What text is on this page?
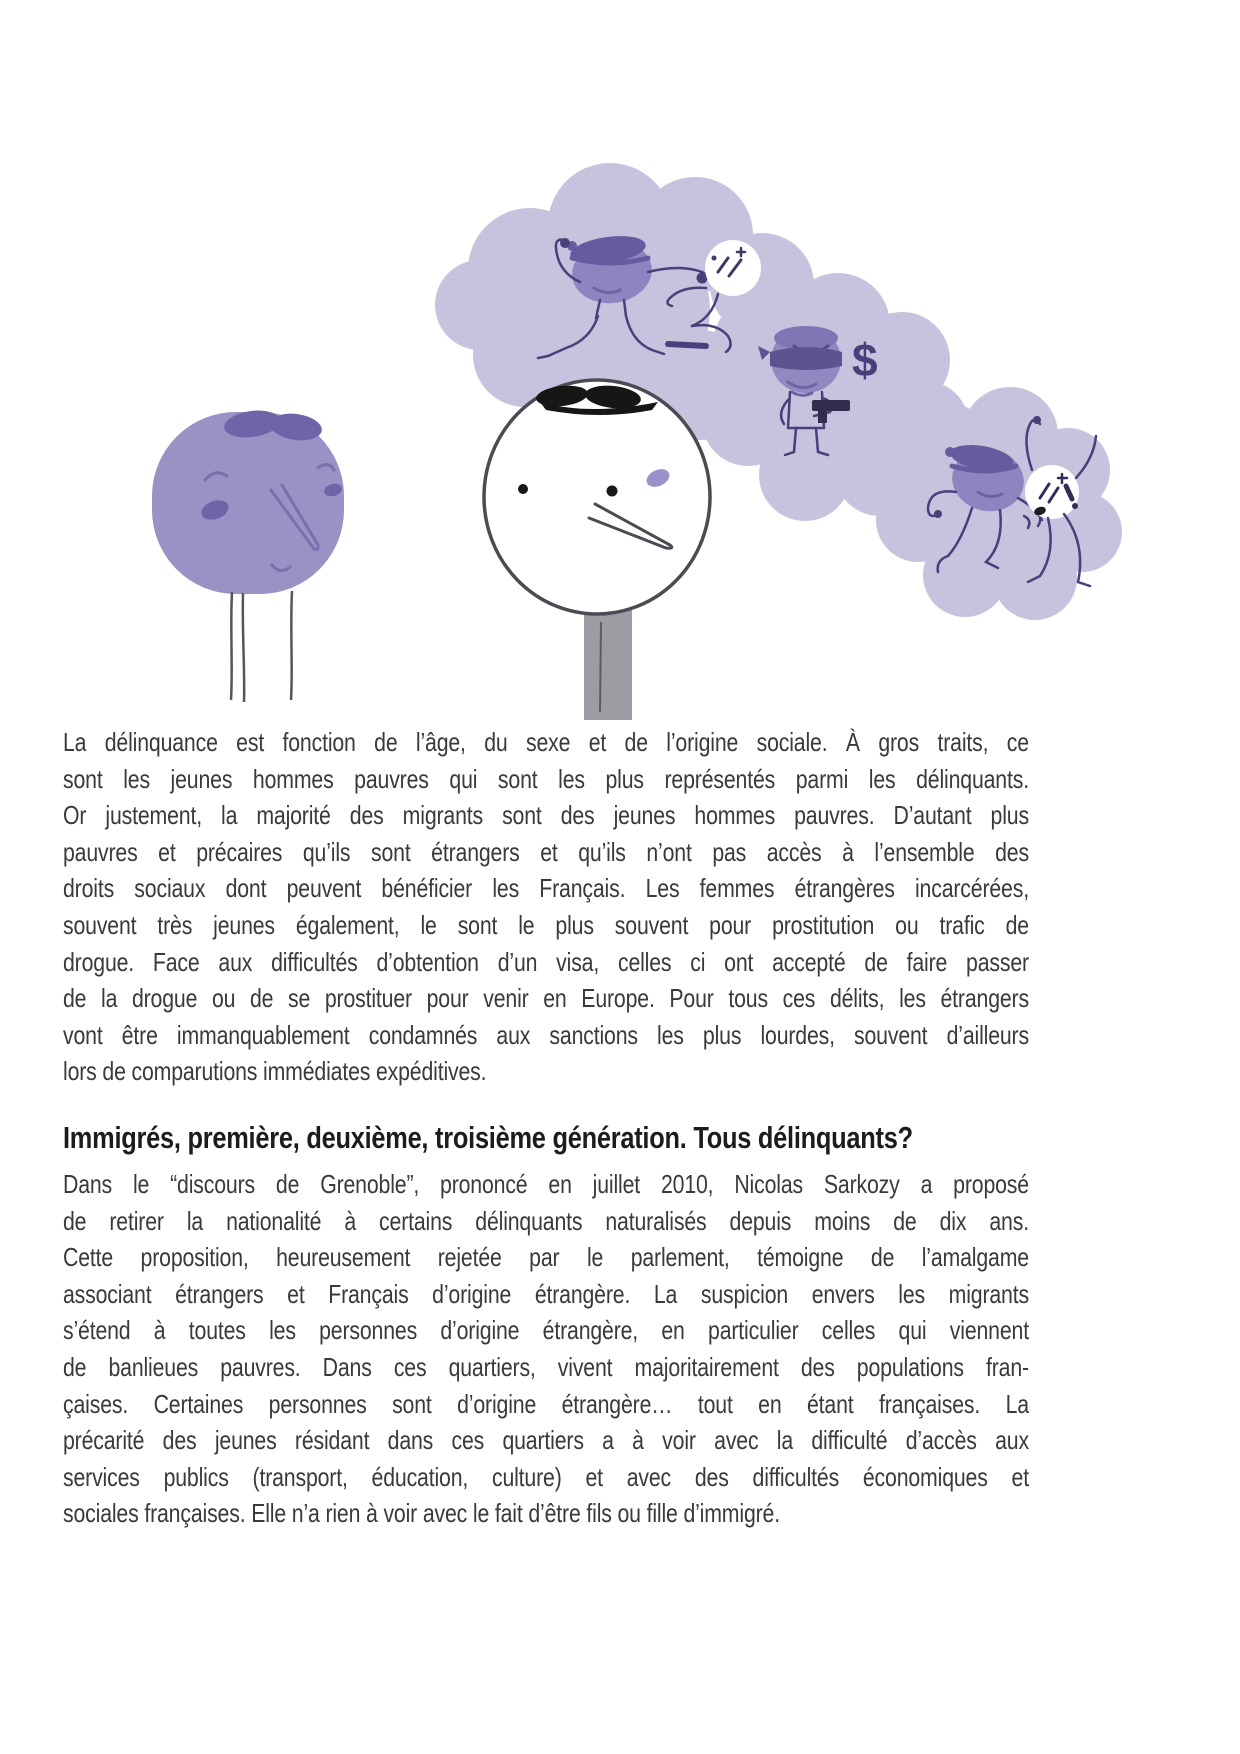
$
La délinquance est fonction de l’âge, du sexe et de l’origine sociale. À gros traits, ce
sont les jeunes hommes pauvres qui sont les plus représentés parmi les délinquants.
Or justement, la majorité des migrants sont des jeunes hommes pauvres. D’autant plus
pauvres et précaires qu’ils sont étrangers et qu’ils n’ont pas accès à l’ensemble des
droits sociaux dont peuvent bénéficier les Français. Les femmes étrangères incarcérées,
souvent très jeunes également, le sont le plus souvent pour prostitution ou trafic de
drogue. Face aux difficultés d’obtention d’un visa, celles ci ont accepté de faire passer
de la drogue ou de se prostituer pour venir en Europe. Pour tous ces délits, les étrangers
vont être immanquablement condamnés aux sanctions les plus lourdes, souvent d’ailleurs
lors de comparutions immédiates expéditives.
Immigrés, première, deuxième, troisième génération. Tous délinquants?
Dans le “discours de Grenoble”, prononcé en juillet 2010, Nicolas Sarkozy a proposé
de retirer la nationalité à certains délinquants naturalisés depuis moins de dix ans.
Cette proposition, heureusement rejetée par le parlement, témoigne de l’amalgame
associant étrangers et Français d’origine étrangère. La suspicion envers les migrants
s’étend à toutes les personnes d’origine étrangère, en particulier celles qui viennent
de banlieues pauvres. Dans ces quartiers, vivent majoritairement des populations fran-
çaises. Certaines personnes sont d’origine étrangère… tout en étant françaises. La
précarité des jeunes résidant dans ces quartiers a à voir avec la difficulté d’accès aux
services publics (transport, éducation, culture) et avec des difficultés économiques et
sociales françaises. Elle n’a rien à voir avec le fait d’être fils ou fille d’immigré.
